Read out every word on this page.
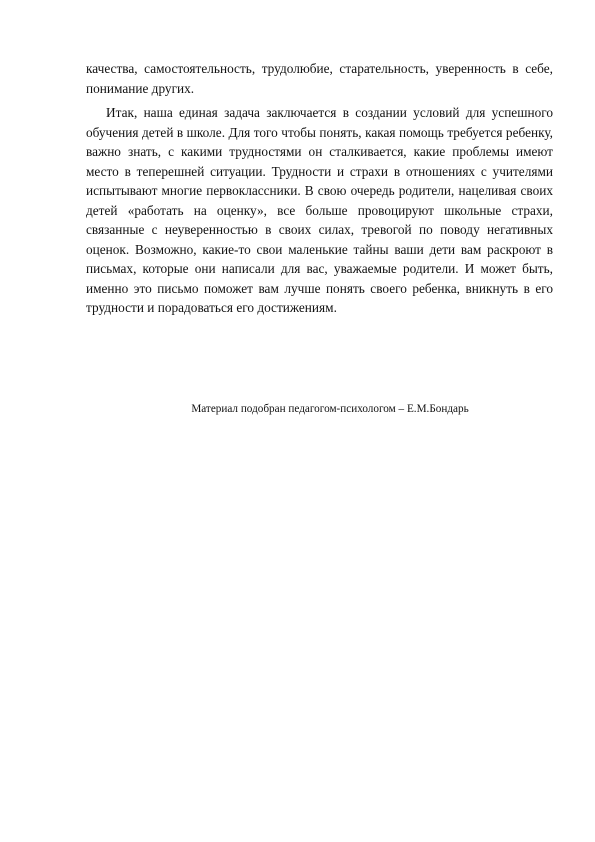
качества, самостоятельность, трудолюбие, старательность, уверенность в себе, понимание других.

Итак, наша единая задача заключается в создании условий для успешного обучения детей в школе. Для того чтобы понять, какая помощь требуется ребенку, важно знать, с какими трудностями он сталкивается, какие проблемы имеют место в теперешней ситуации. Трудности и страхи в отношениях с учителями испытывают многие первоклассники. В свою очередь родители, нацеливая своих детей «работать на оценку», все больше провоцируют школьные страхи, связанные с неуверенностью в своих силах, тревогой по поводу негативных оценок. Возможно, какие-то свои маленькие тайны ваши дети вам раскроют в письмах, которые они написали для вас, уважаемые родители. И может быть, именно это письмо поможет вам лучше понять своего ребенка, вникнуть в его трудности и порадоваться его достижениям.

Материал подобран педагогом-психологом – Е.М.Бондарь
